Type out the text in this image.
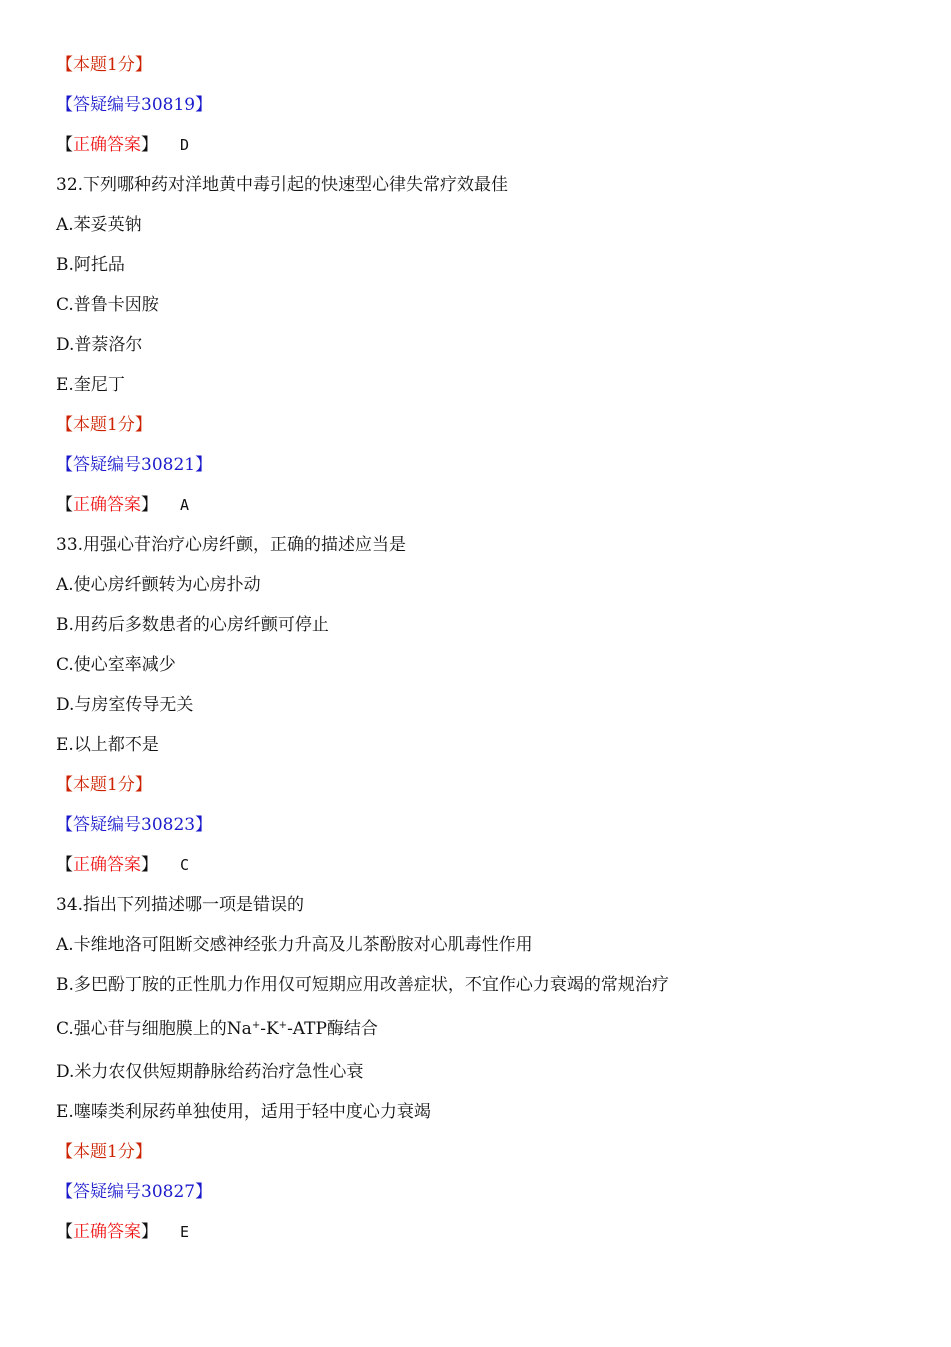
【本题1分】
【答疑编号30819】
【正确答案】 D
32.下列哪种药对洋地黄中毒引起的快速型心律失常疗效最佳
A.苯妥英钠
B.阿托品
C.普鲁卡因胺
D.普萘洛尔
E.奎尼丁
【本题1分】
【答疑编号30821】
【正确答案】 A
33.用强心苷治疗心房纤颤，正确的描述应当是
A.使心房纤颤转为心房扑动
B.用药后多数患者的心房纤颤可停止
C.使心室率减少
D.与房室传导无关
E.以上都不是
【本题1分】
【答疑编号30823】
【正确答案】 C
34.指出下列描述哪一项是错误的
A.卡维地洛可阻断交感神经张力升高及儿茶酚胺对心肌毒性作用
B.多巴酚丁胺的正性肌力作用仅可短期应用改善症状，不宜作心力衰竭的常规治疗
C.强心苷与细胞膜上的Na+-K+-ATP酶结合
D.米力农仅供短期静脉给药治疗急性心衰
E.噻嗪类利尿药单独使用，适用于轻中度心力衰竭
【本题1分】
【答疑编号30827】
【正确答案】 E
